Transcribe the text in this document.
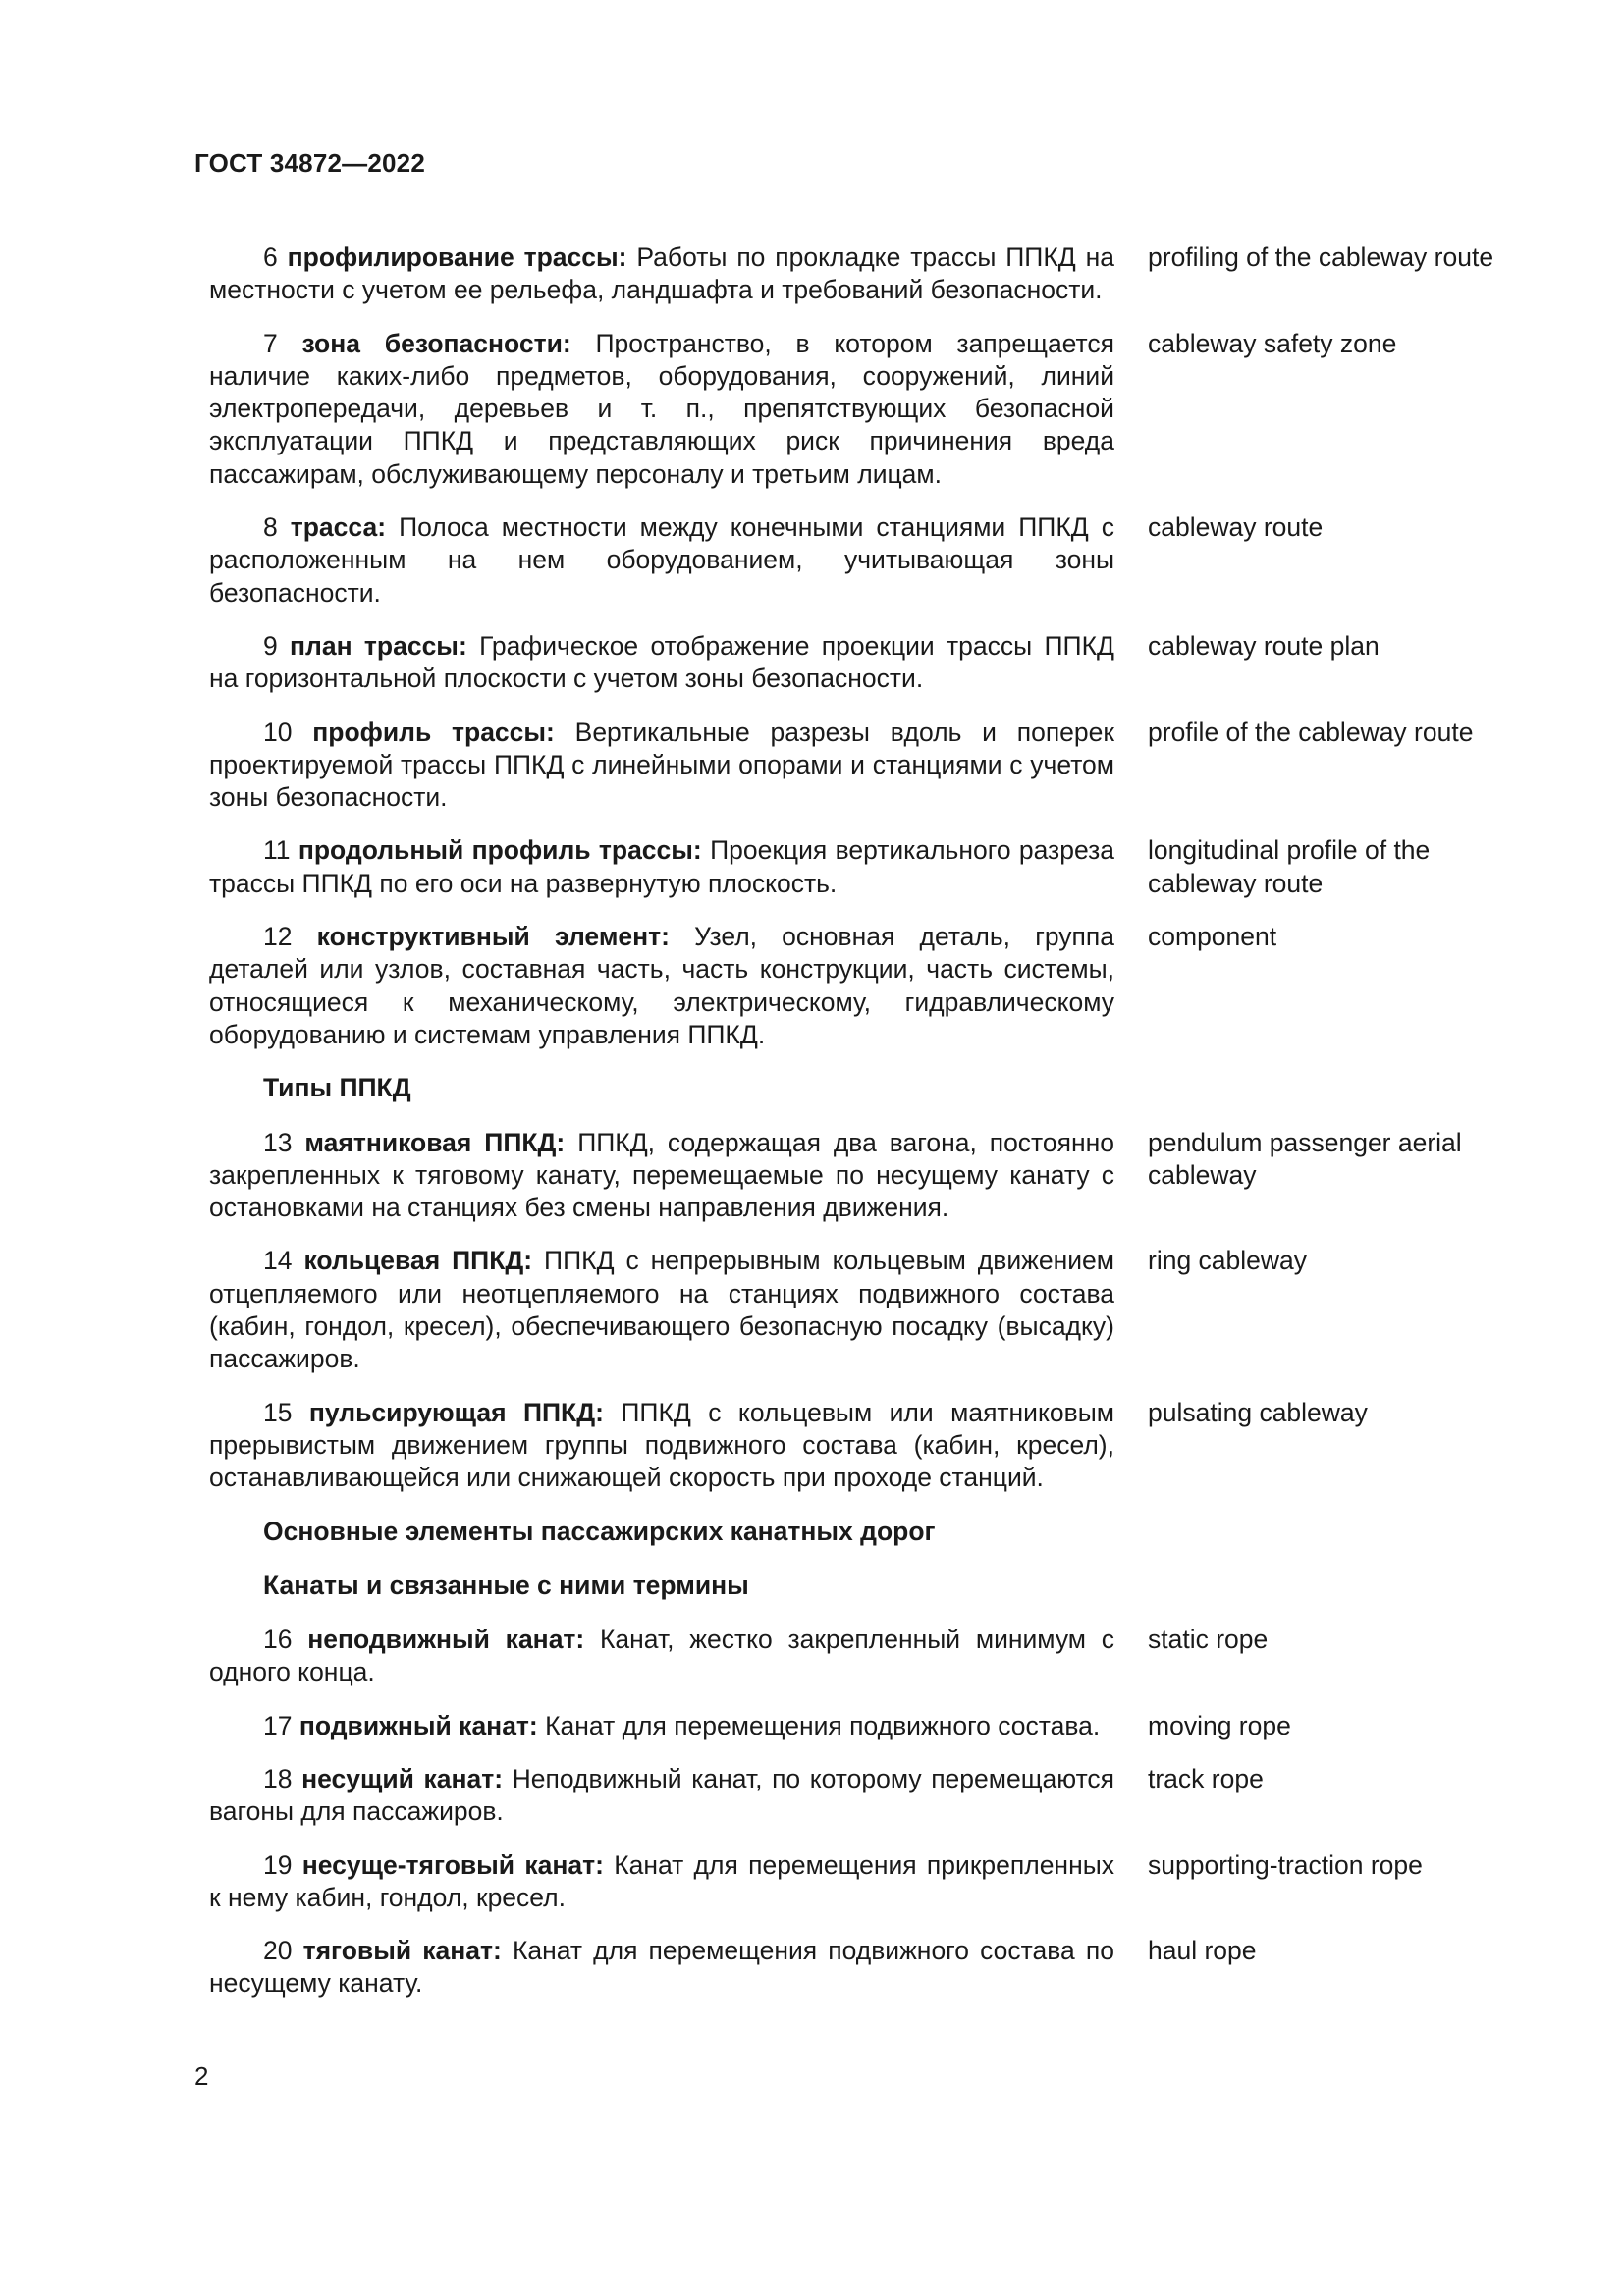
ГОСТ 34872—2022
6 профилирование трассы: Работы по прокладке трассы ППКД на местности с учетом ее рельефа, ландшафта и требований безопасности.
profiling of the cableway route
7 зона безопасности: Пространство, в котором запрещается наличие каких-либо предметов, оборудования, сооружений, линий электропередачи, деревьев и т. п., препятствующих безопасной эксплуатации ППКД и представляющих риск причинения вреда пассажирам, обслуживающему персоналу и третьим лицам.
cableway safety zone
8 трасса: Полоса местности между конечными станциями ППКД с расположенным на нем оборудованием, учитывающая зоны безопасности.
cableway route
9 план трассы: Графическое отображение проекции трассы ППКД на горизонтальной плоскости с учетом зоны безопасности.
cableway route plan
10 профиль трассы: Вертикальные разрезы вдоль и поперек проектируемой трассы ППКД с линейными опорами и станциями с учетом зоны безопасности.
profile of the cableway route
11 продольный профиль трассы: Проекция вертикального разреза трассы ППКД по его оси на развернутую плоскость.
longitudinal profile of the cableway route
12 конструктивный элемент: Узел, основная деталь, группа деталей или узлов, составная часть, часть конструкции, часть системы, относящиеся к механическому, электрическому, гидравлическому оборудованию и системам управления ППКД.
component
Типы ППКД
13 маятниковая ППКД: ППКД, содержащая два вагона, постоянно закрепленных к тяговому канату, перемещаемые по несущему канату с остановками на станциях без смены направления движения.
pendulum passenger aerial cableway
14 кольцевая ППКД: ППКД с непрерывным кольцевым движением отцепляемого или неотцепляемого на станциях подвижного состава (кабин, гондол, кресел), обеспечивающего безопасную посадку (высадку) пассажиров.
ring cableway
15 пульсирующая ППКД: ППКД с кольцевым или маятниковым прерывистым движением группы подвижного состава (кабин, кресел), останавливающейся или снижающей скорость при проходе станций.
pulsating cableway
Основные элементы пассажирских канатных дорог
Канаты и связанные с ними термины
16 неподвижный канат: Канат, жестко закрепленный минимум с одного конца.
static rope
17 подвижный канат: Канат для перемещения подвижного состава.	moving rope
18 несущий канат: Неподвижный канат, по которому перемещаются вагоны для пассажиров.
track rope
19 несуще-тяговый канат: Канат для перемещения прикрепленных к нему кабин, гондол, кресел.
supporting-traction rope
20 тяговый канат: Канат для перемещения подвижного состава по несущему канату.
haul rope
2
